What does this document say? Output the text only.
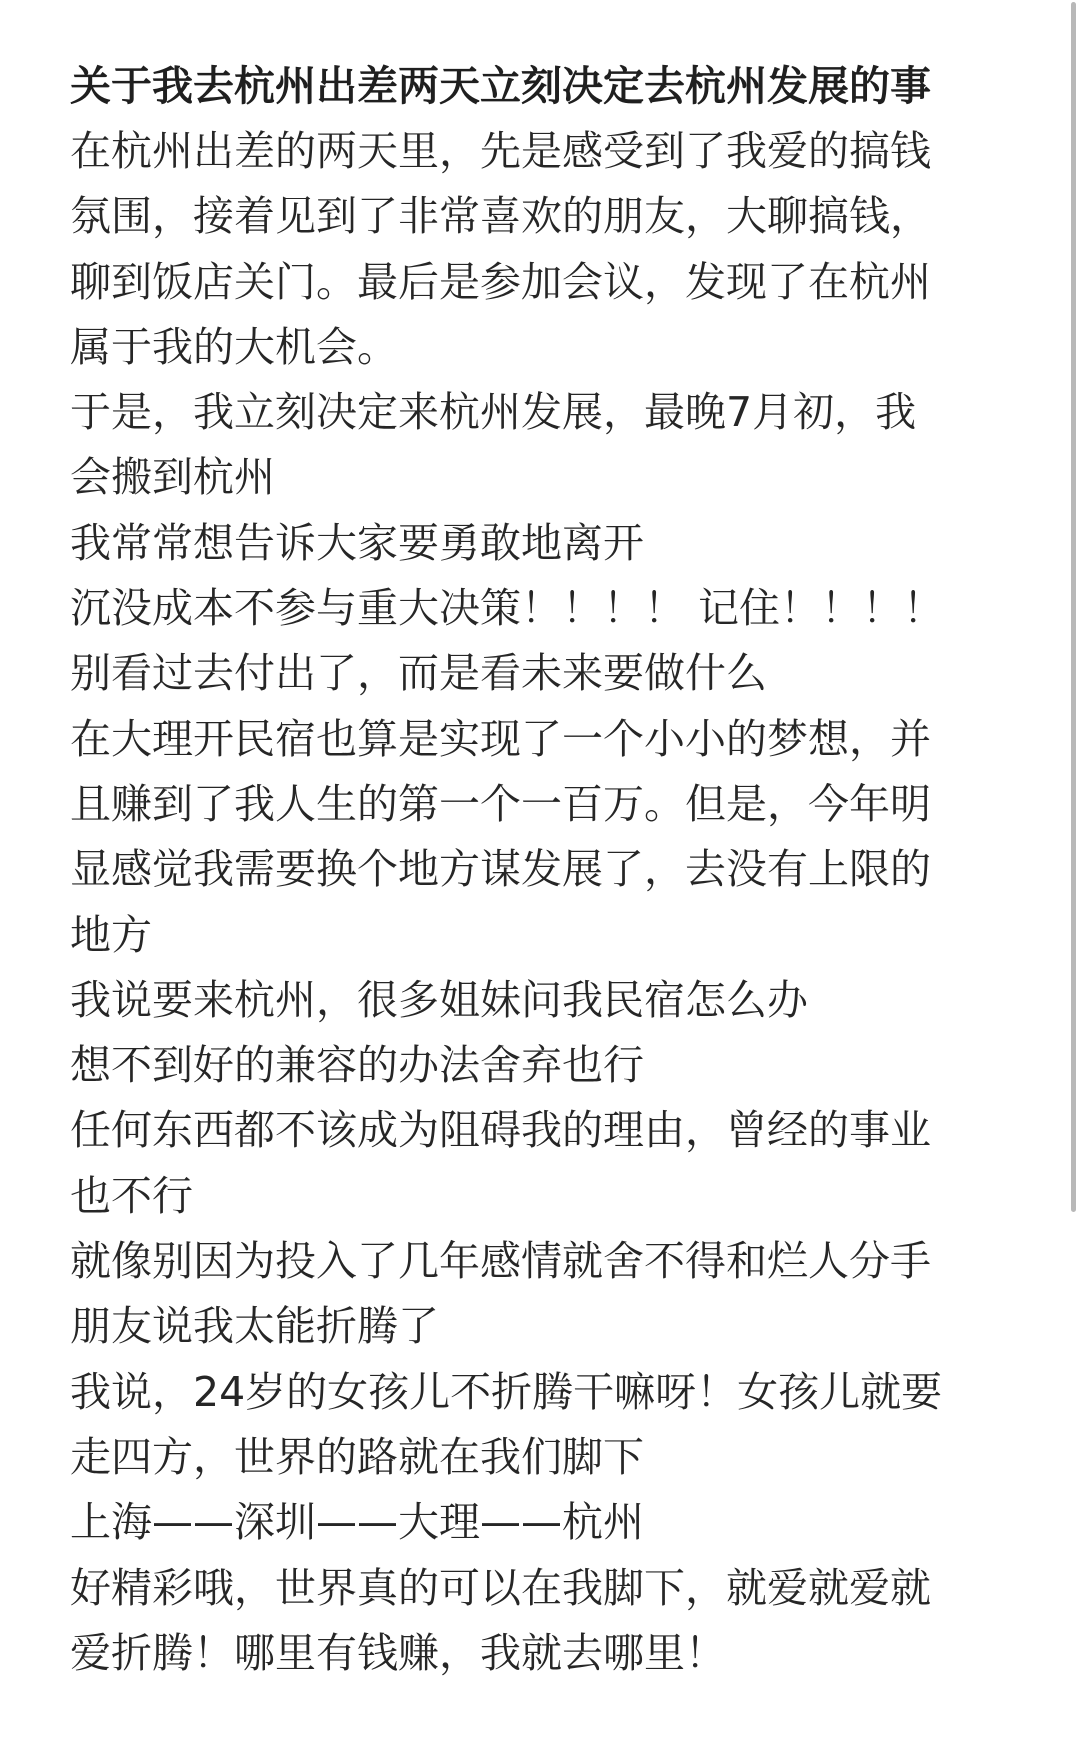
关于我去杭州出差两天立刻决定去杭州发展的事

在杭州出差的两天里，先是感受到了我爱的搞钱

氛围，接着见到了非常喜欢的朋友，大聊搞钱，

聊到饭店关门。最后是参加会议，发现了在杭州

属于我的大机会。

于是，我立刻决定来杭州发展，最晚7月初，我

会搬到杭州

我常常想告诉大家要勇敢地离开

沉没成本不参与重大决策！！！！ 记住！！！！

别看过去付出了，而是看未来要做什么

在大理开民宿也算是实现了一个小小的梦想，并

且赚到了我人生的第一个一百万。但是，今年明

显感觉我需要换个地方谋发展了，去没有上限的

地方

我说要来杭州，很多姐妹问我民宿怎么办

想不到好的兼容的办法舍弃也行

任何东西都不该成为阻碍我的理由，曾经的事业

也不行

就像别因为投入了几年感情就舍不得和烂人分手

朋友说我太能折腾了

我说，24岁的女孩儿不折腾干嘛呀！女孩儿就要

走四方，世界的路就在我们脚下

上海——深圳——大理——杭州

好精彩哦，世界真的可以在我脚下，就爱就爱就

爱折腾！哪里有钱赚，我就去哪里！
